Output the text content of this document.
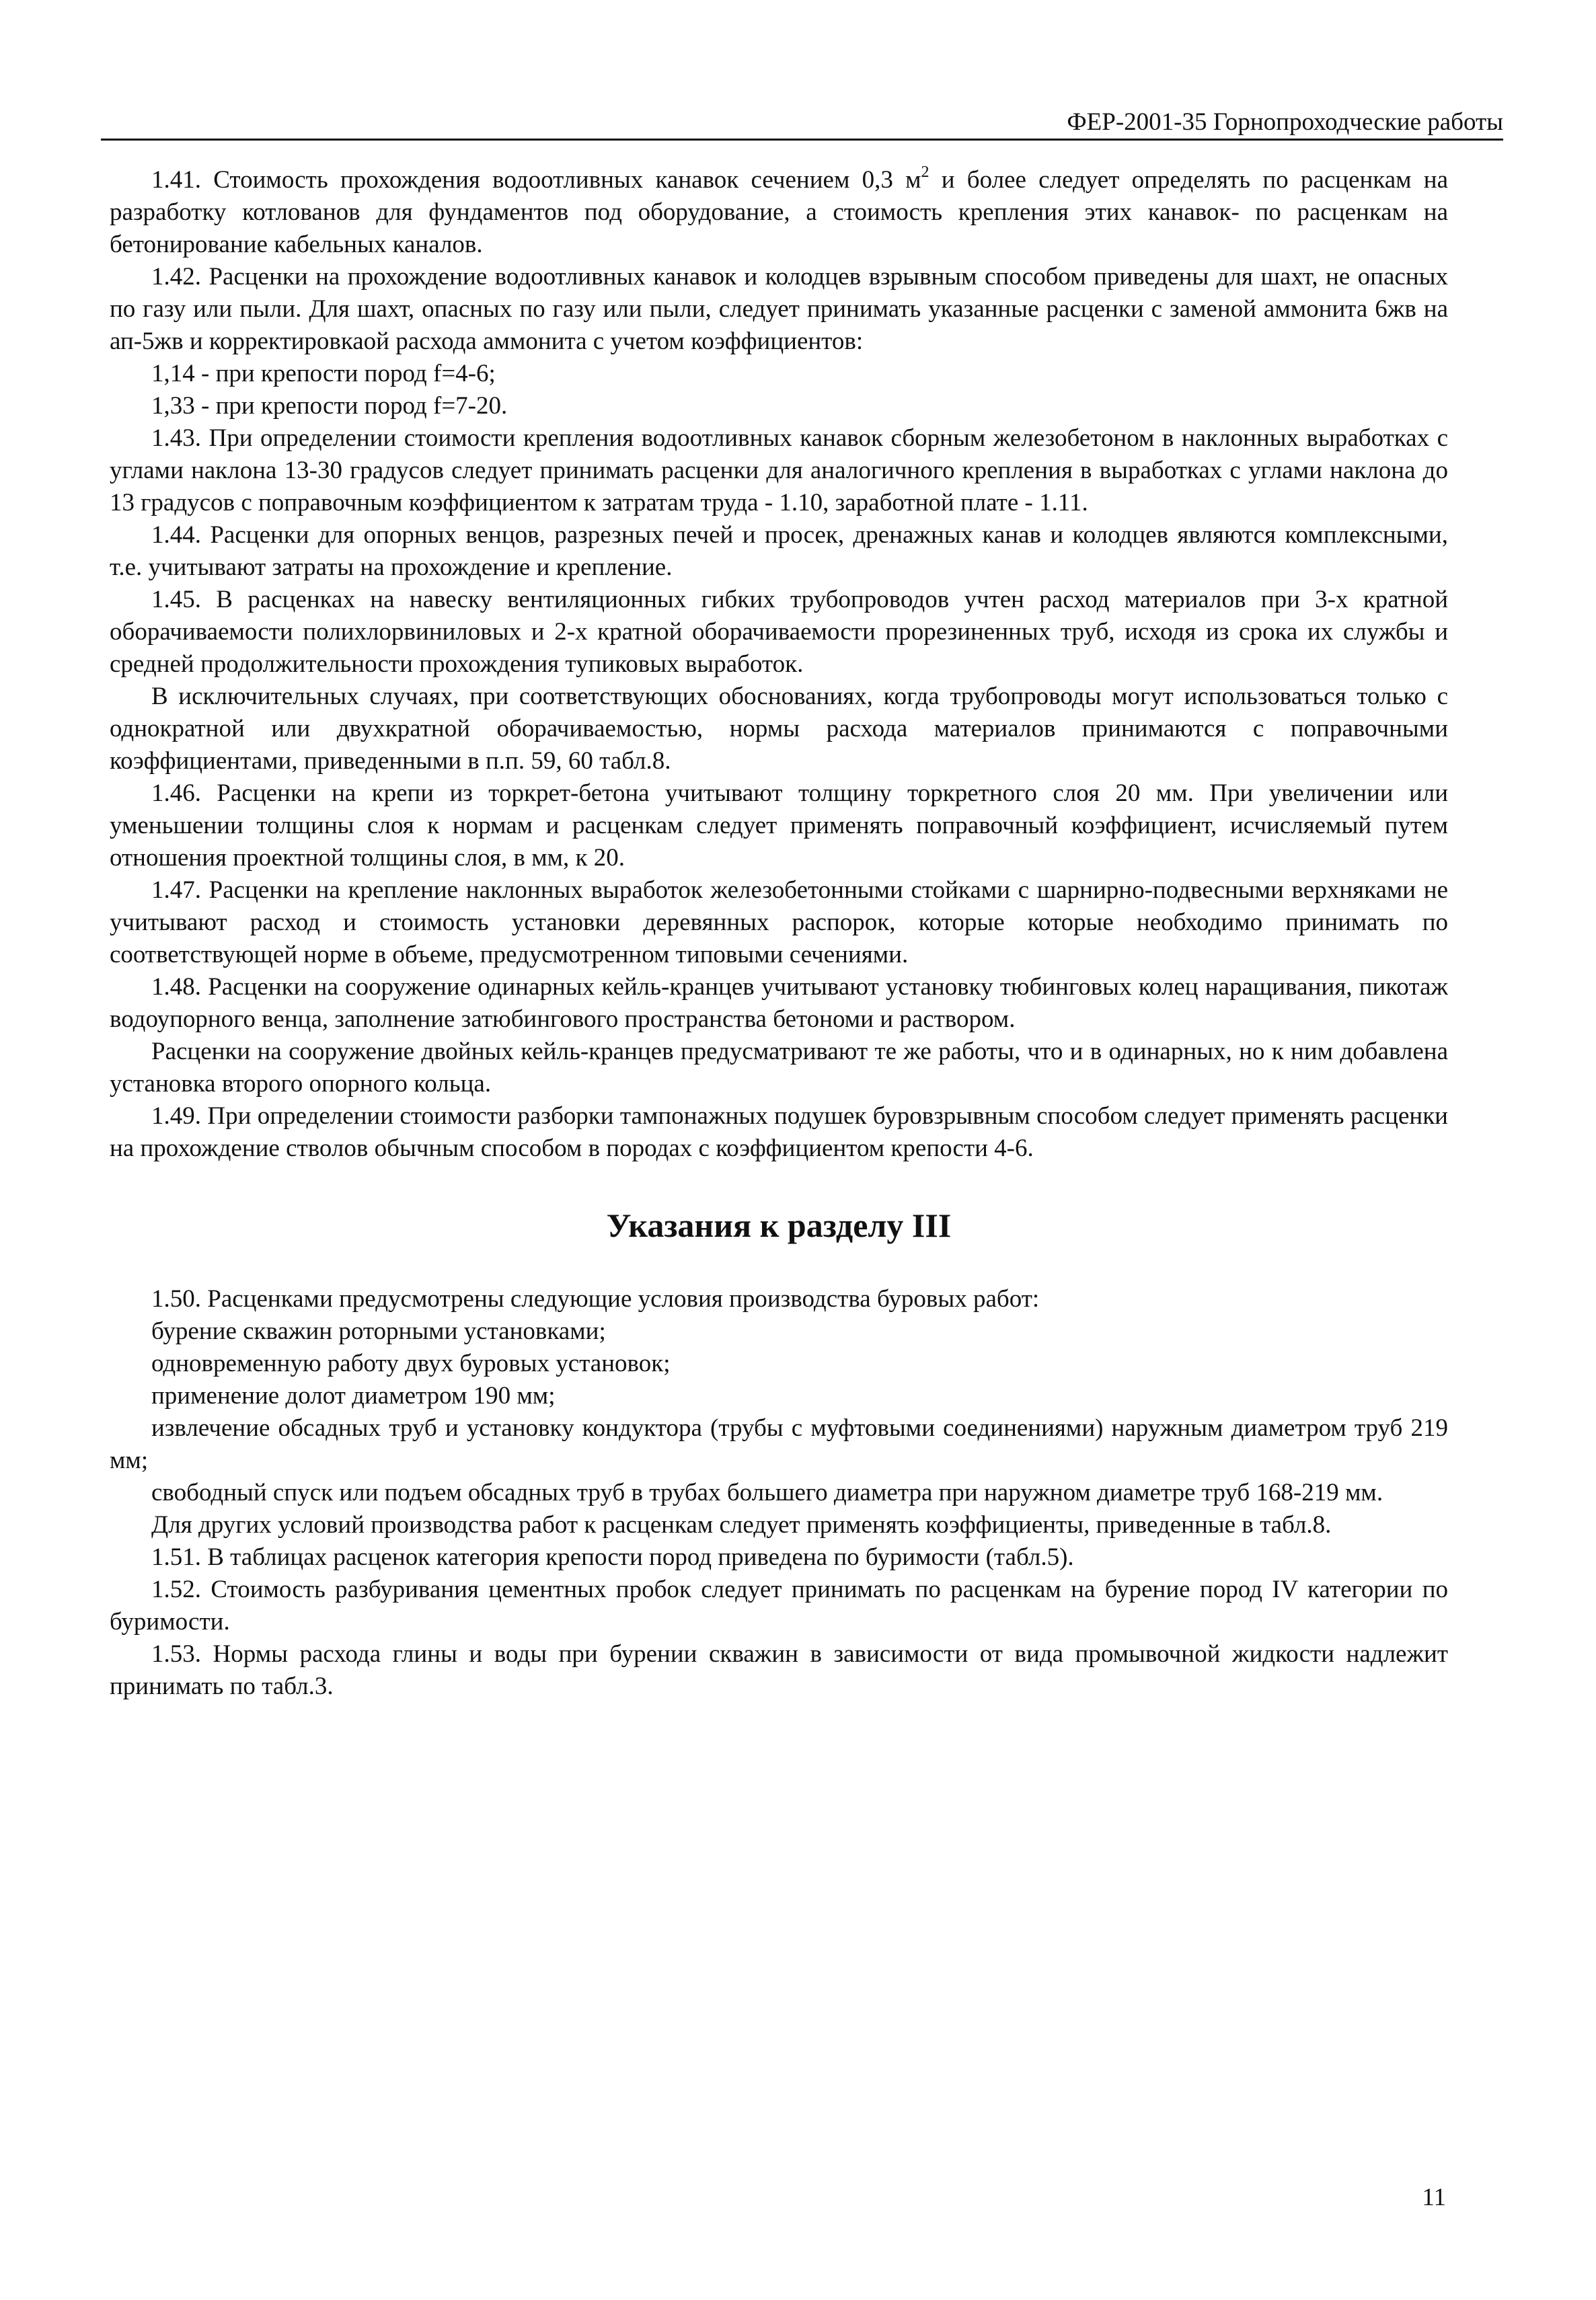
ФЕР-2001-35 Горнопроходческие работы

1.41. Стоимость прохождения водоотливных канавок сечением 0,3 $м^2$ и более следует определять по расценкам на разработку котлованов для фундаментов под оборудование, а стоимость крепления этих канавок- по расценкам на бетонирование кабельных каналов.

1.42. Расценки на прохождение водоотливных канавок и колодцев взрывным способом приведены для шахт, не опасных по газу или пыли. Для шахт, опасных по газу или пыли, следует принимать указанные расценки с заменой аммонита 6жв на ап-5жв и корректировкаой расхода аммонита с учетом коэффициентов:

1,14 - при крепости пород f=4-6;

1,33 - при крепости пород f=7-20.

1.43. При определении стоимости крепления водоотливных канавок сборным железобетоном в наклонных выработках с углами наклона 13-30 градусов следует принимать расценки для аналогичного крепления в выработках с углами наклона до 13 градусов с поправочным коэффициентом к затратам труда - 1.10, заработной плате - 1.11.

1.44. Расценки для опорных венцов, разрезных печей и просек, дренажных канав и колодцев являются комплексными, т.е. учитывают затраты на прохождение и крепление.

1.45. В расценках на навеску вентиляционных гибких трубопроводов учтен расход материалов при 3-х кратной оборачиваемости полихлорвиниловых и 2-х кратной оборачиваемости прорезиненных труб, исходя из срока их службы и средней продолжительности прохождения тупиковых выработок.

В исключительных случаях, при соответствующих обоснованиях, когда трубопроводы могут использоваться только с однократной или двухкратной оборачиваемостью, нормы расхода материалов принимаются с поправочными коэффициентами, приведенными в п.п. 59, 60 табл.8.

1.46. Расценки на крепи из торкрет-бетона учитывают толщину торкретного слоя 20 мм. При увеличении или уменьшении толщины слоя к нормам и расценкам следует применять поправочный коэффициент, исчисляемый путем отношения проектной толщины слоя, в мм, к 20.

1.47. Расценки на крепление наклонных выработок железобетонными стойками с шарнирно-подвесными верхняками не учитывают расход и стоимость установки деревянных распорок, которые которые необходимо принимать по соответствующей норме в объеме, предусмотренном типовыми сечениями.

1.48. Расценки на сооружение одинарных кейль-кранцев учитывают установку тюбинговых колец наращивания, пикотаж водоупорного венца, заполнение затюбингового пространства бетономи и раствором.

Расценки на сооружение двойных кейль-кранцев предусматривают те же работы, что и в одинарных, но к ним добавлена установка второго опорного кольца.

1.49. При определении стоимости разборки тампонажных подушек буровзрывным способом следует применять расценки на прохождение стволов обычным способом в породах с коэффициентом крепости 4-6.

Указания к разделу III

1.50. Расценками предусмотрены следующие условия производства буровых работ:

бурение скважин роторными установками;

одновременную работу двух буровых установок;

применение долот диаметром 190 мм;

извлечение обсадных труб и установку кондуктора (трубы с муфтовыми соединениями) наружным диаметром труб 219 мм;

свободный спуск или подъем обсадных труб в трубах большего диаметра при наружном диаметре труб 168-219 мм.

Для других условий производства работ к расценкам следует применять коэффициенты, приведенные в табл.8.

1.51. В таблицах расценок категория крепости пород приведена по буримости (табл.5).

1.52. Стоимость разбуривания цементных пробок следует принимать по расценкам на бурение пород IV категории по буримости.

1.53. Нормы расхода глины и воды при бурении скважин в зависимости от вида промывочной жидкости надлежит принимать по табл.3.

11
